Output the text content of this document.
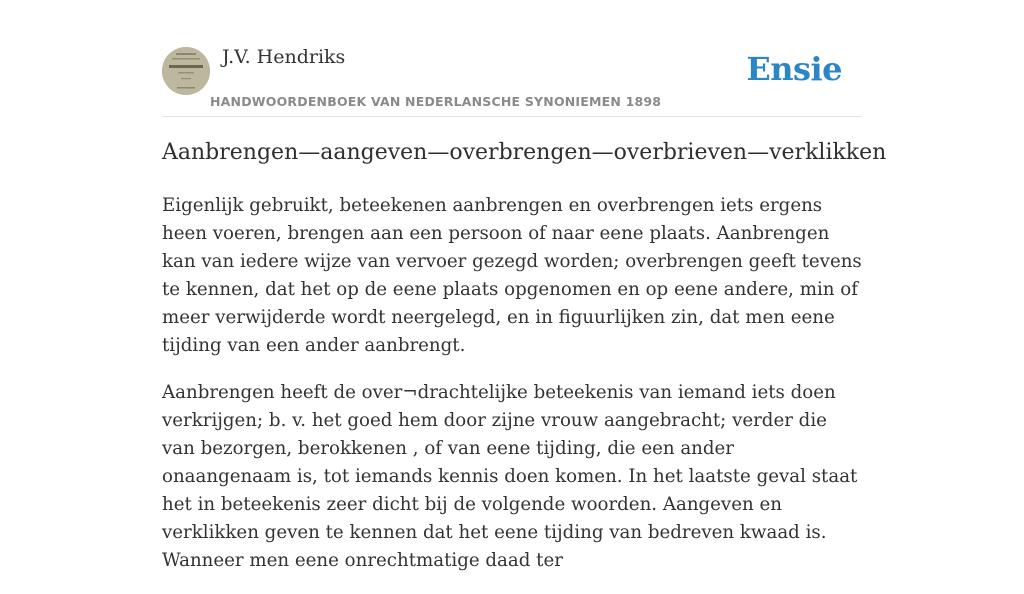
J.V. Hendriks
HANDWOORDENBOEK VAN NEDERLANSCHE SYNONIEMEN 1898
Ensie
Aanbrengen—aangeven—overbrengen—overbrieven—verklikken

Eigenlijk gebruikt, beteekenen aanbrengen en overbrengen iets ergens heen voeren, brengen aan een persoon of naar eene plaats. Aanbrengen kan van iedere wijze van vervoer gezegd worden; overbrengen geeft tevens te kennen, dat het op de eene plaats opgenomen en op eene andere, min of meer verwijderde wordt neergelegd, en in figuurlijken zin, dat men eene tijding van een ander aanbrengt.

Aanbrengen heeft de over¬drachtelijke beteekenis van iemand iets doen verkrijgen; b. v. het goed hem door zijne vrouw aangebracht; verder die van bezorgen, berokkenen , of van eene tijding, die een ander onaangenaam is, tot iemands kennis doen komen. In het laatste geval staat het in beteekenis zeer dicht bij de volgende woorden. Aangeven en verklikken geven te kennen dat het eene tijding van bedreven kwaad is. Wanneer men eene onrechtmatige daad ter
